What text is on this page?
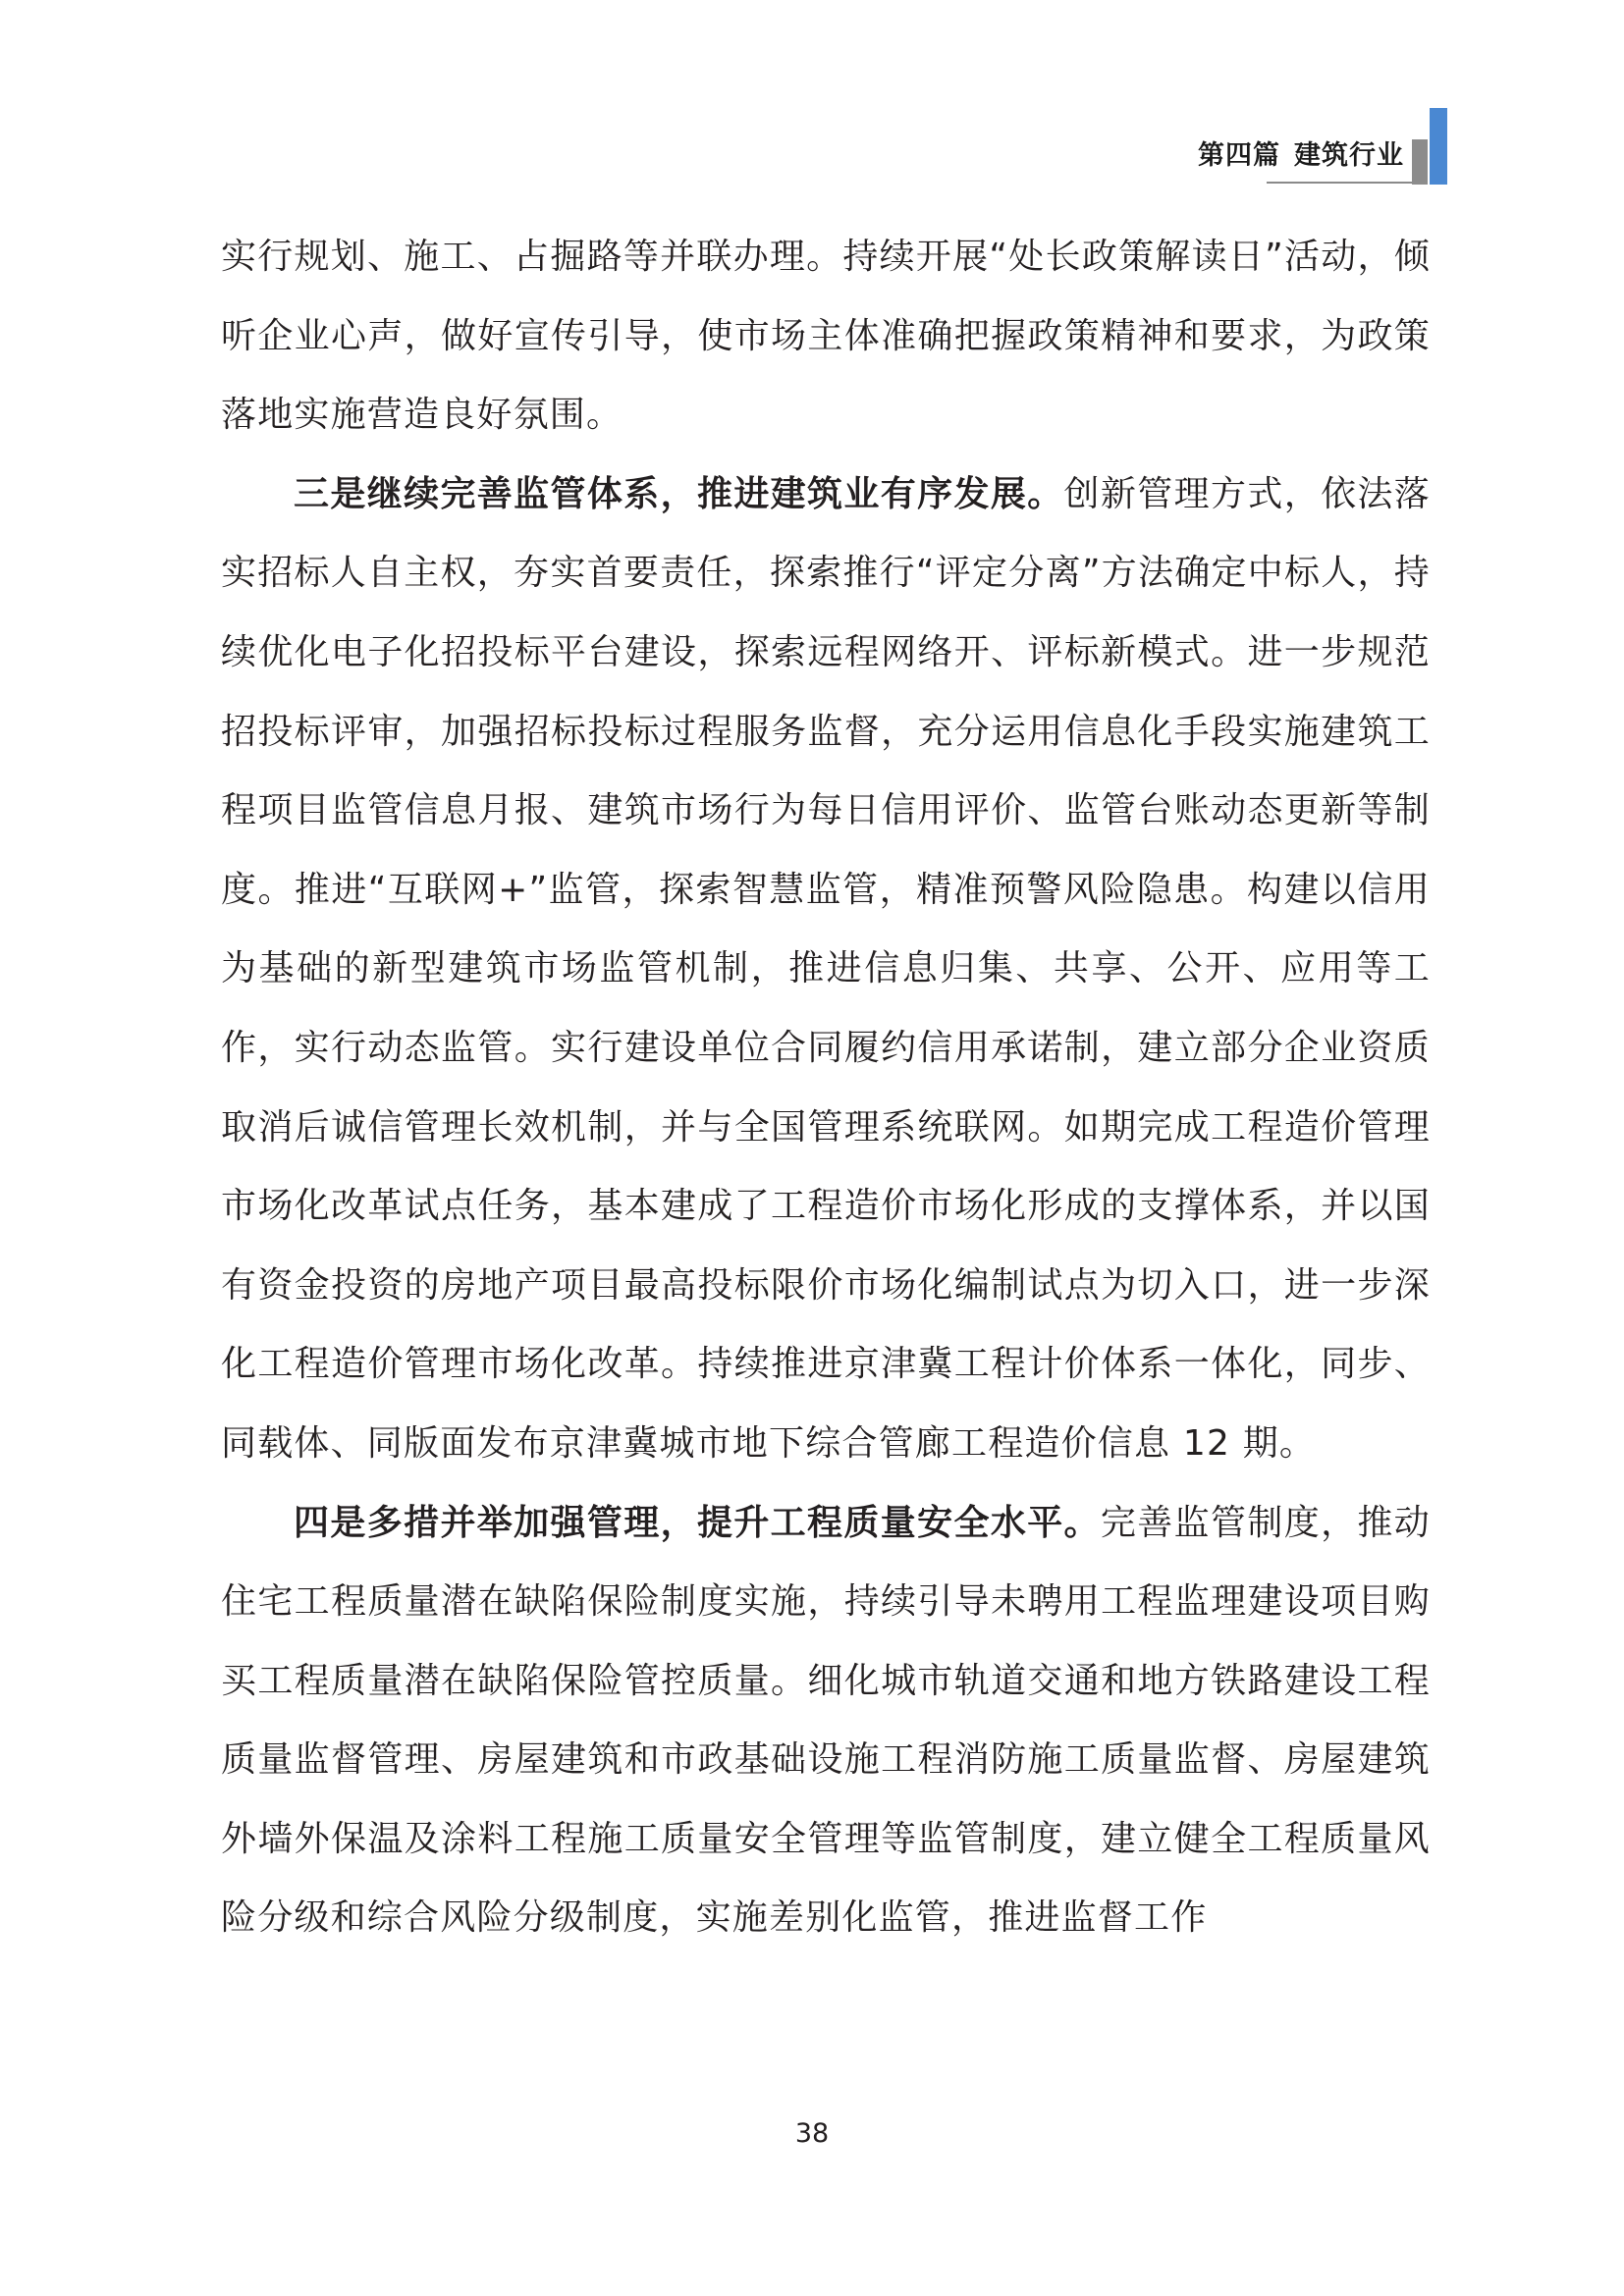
第四篇 建筑行业

实行规划、施工、占掘路等并联办理。持续开展“处长政策解读日”活动，倾听企业心声，做好宣传引导，使市场主体准确把握政策精神和要求，为政策落地实施营造良好氛围。

三是继续完善监管体系，推进建筑业有序发展。创新管理方式，依法落实招标人自主权，夯实首要责任，探索推行“评定分离”方法确定中标人，持续优化电子化招投标平台建设，探索远程网络开、评标新模式。进一步规范招投标评审，加强招标投标过程服务监督，充分运用信息化手段实施建筑工程项目监管信息月报、建筑市场行为每日信用评价、监管台账动态更新等制度。推进“互联网+”监管，探索智慧监管，精准预警风险隐患。构建以信用为基础的新型建筑市场监管机制，推进信息归集、共享、公开、应用等工作，实行动态监管。实行建设单位合同履约信用承诺制，建立部分企业资质取消后诚信管理长效机制，并与全国管理系统联网。如期完成工程造价管理市场化改革试点任务，基本建成了工程造价市场化形成的支撑体系，并以国有资金投资的房地产项目最高投标限价市场化编制试点为切入口，进一步深化工程造价管理市场化改革。持续推进京津冀工程计价体系一体化，同步、同载体、同版面发布京津冀城市地下综合管廊工程造价信息 12 期。

四是多措并举加强管理，提升工程质量安全水平。完善监管制度，推动住宅工程质量潜在缺陷保险制度实施，持续引导未聘用工程监理建设项目购买工程质量潜在缺陷保险管控质量。细化城市轨道交通和地方铁路建设工程质量监督管理、房屋建筑和市政基础设施工程消防施工质量监督、房屋建筑外墙外保温及涂料工程施工质量安全管理等监管制度，建立健全工程质量风险分级和综合风险分级制度，实施差别化监管，推进监督工作

38
